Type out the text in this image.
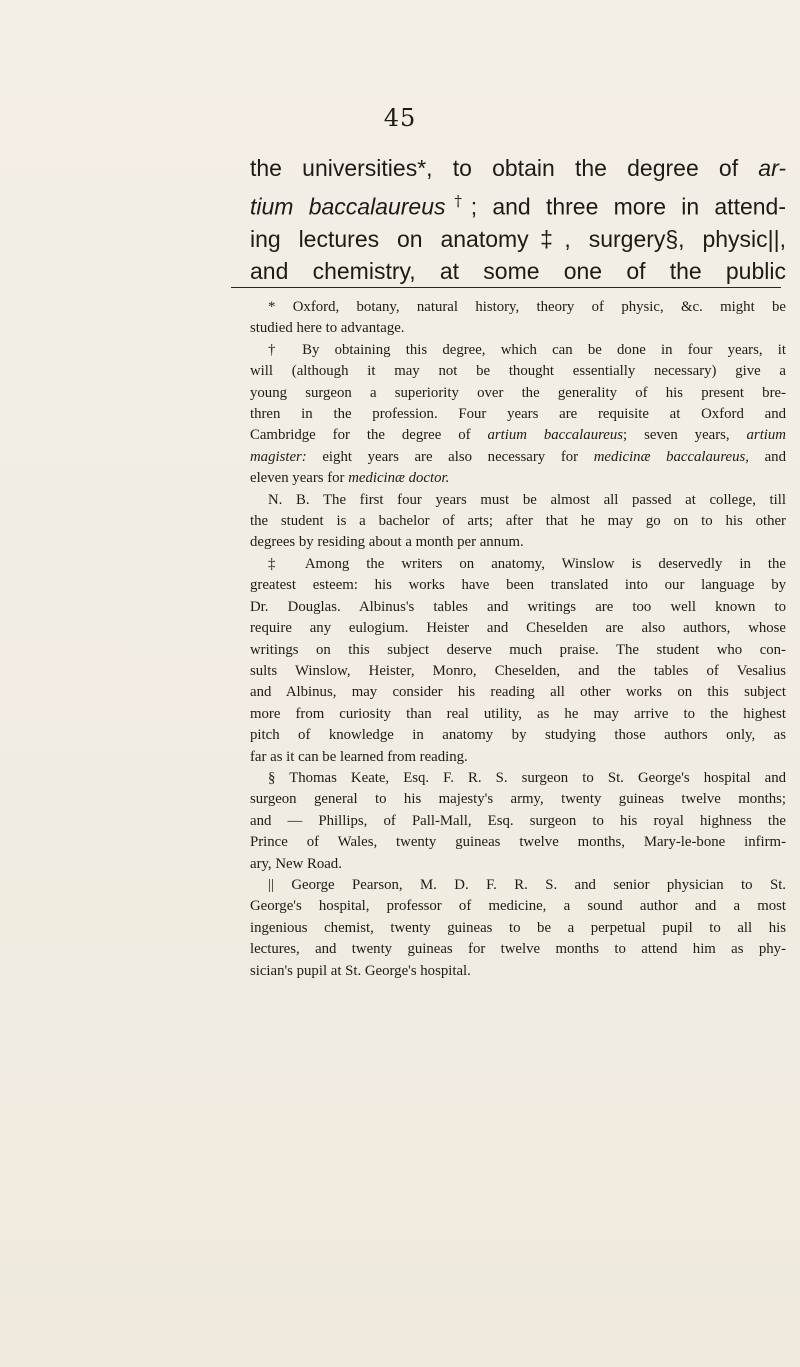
45
the universities*, to obtain the degree of ar-
tium baccalaureus†; and three more in attend-
ing lectures on anatomy‡, surgery§, physic||,
and chemistry, at some one of the public
* Oxford, botany, natural history, theory of physic, &c. might be
studied here to advantage.
† By obtaining this degree, which can be done in four years, it
will (although it may not be thought essentially necessary) give a
young surgeon a superiority over the generality of his present bre-
thren in the profession. Four years are requisite at Oxford and
Cambridge for the degree of artium baccalaureus; seven years, artium
magister: eight years are also necessary for medicinæ baccalaureus, and
eleven years for medicinæ doctor.
N. B. The first four years must be almost all passed at college, till
the student is a bachelor of arts; after that he may go on to his other
degrees by residing about a month per annum.
‡ Among the writers on anatomy, Winslow is deservedly in the
greatest esteem: his works have been translated into our language by
Dr. Douglas. Albinus's tables and writings are too well known to
require any eulogium. Heister and Cheselden are also authors, whose
writings on this subject deserve much praise. The student who con-
sults Winslow, Heister, Monro, Cheselden, and the tables of Vesalius
and Albinus, may consider his reading all other works on this subject
more from curiosity than real utility, as he may arrive to the highest
pitch of knowledge in anatomy by studying those authors only, as
far as it can be learned from reading.
§ Thomas Keate, Esq. F. R. S. surgeon to St. George's hospital and
surgeon general to his majesty's army, twenty guineas twelve months;
and — Phillips, of Pall-Mall, Esq. surgeon to his royal highness the
Prince of Wales, twenty guineas twelve months, Mary-le-bone infirm-
ary, New Road.
|| George Pearson, M. D. F. R. S. and senior physician to St.
George's hospital, professor of medicine, a sound author and a most
ingenious chemist, twenty guineas to be a perpetual pupil to all his
lectures, and twenty guineas for twelve months to attend him as phy-
sician's pupil at St. George's hospital.
